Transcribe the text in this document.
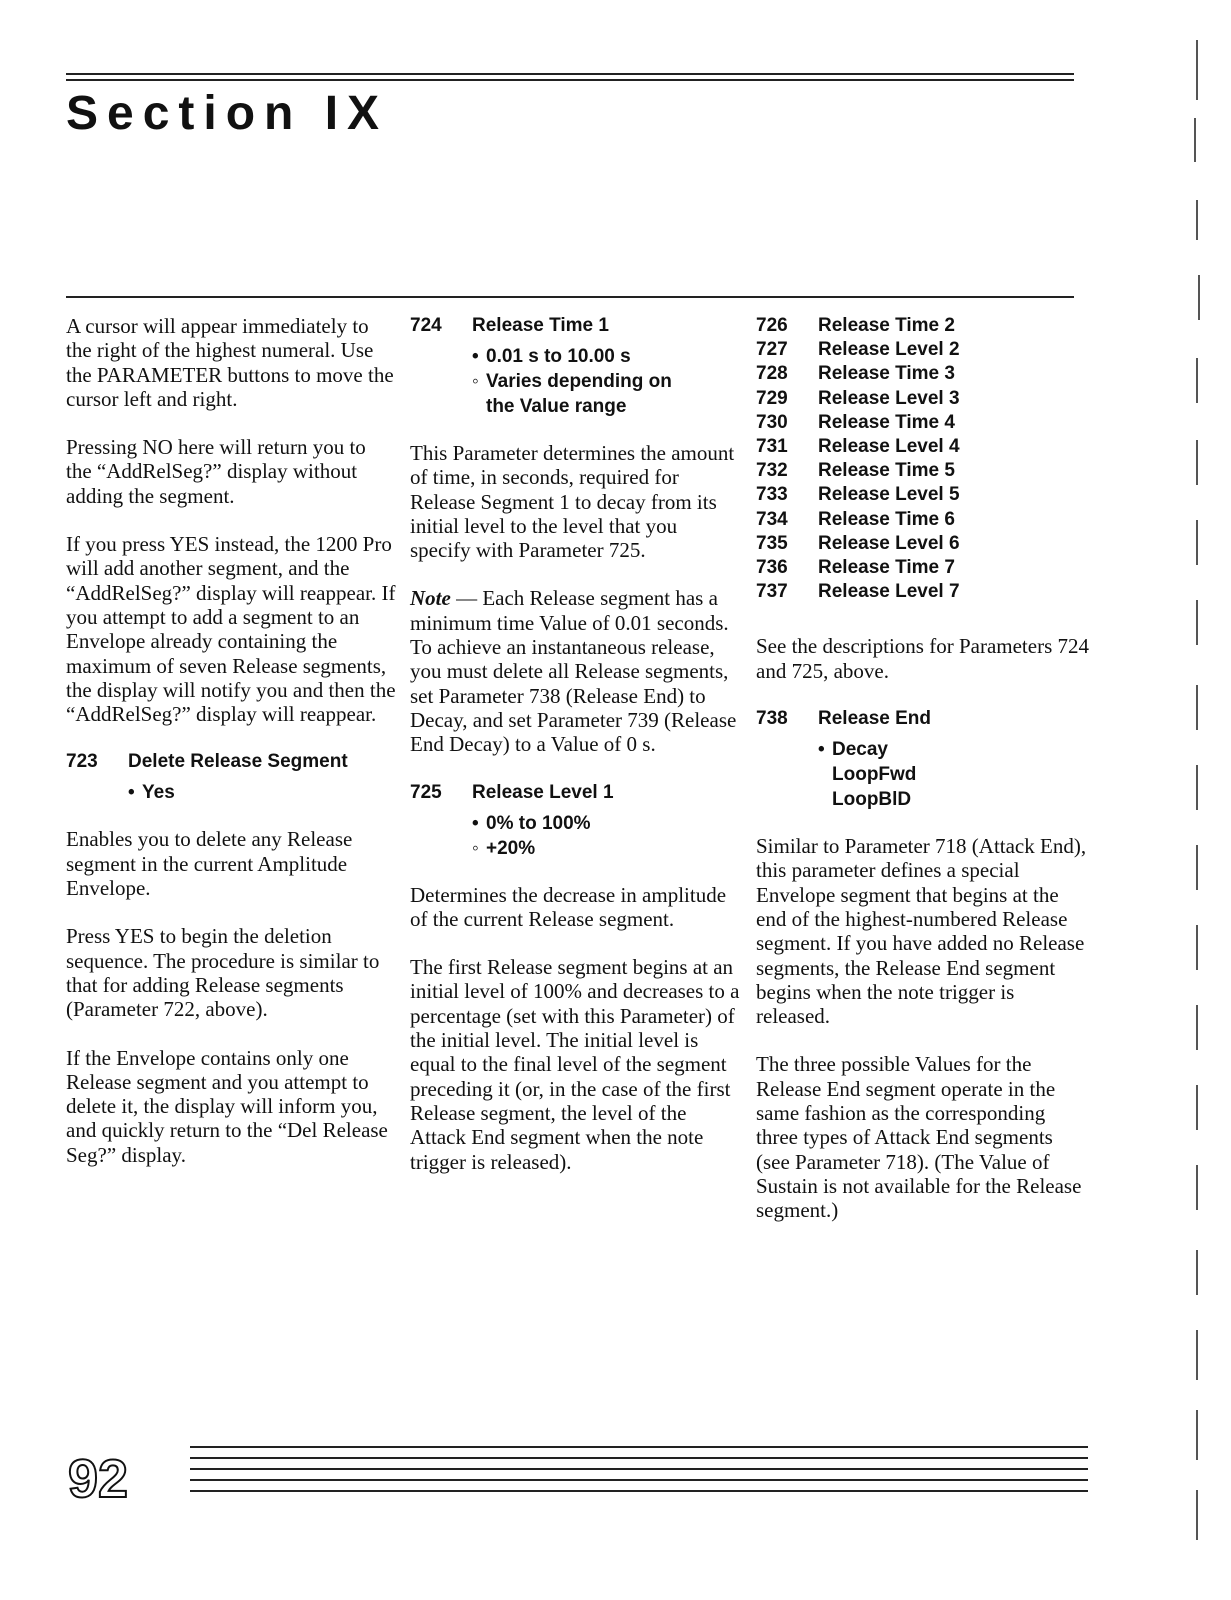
Section IX

A cursor will appear immediately to the right of the highest numeral. Use the PARAMETER buttons to move the cursor left and right.

Pressing NO here will return you to the “AddRelSeg?” display without adding the segment.

If you press YES instead, the 1200 Pro will add another segment, and the “AddRelSeg?” display will reappear. If you attempt to add a segment to an Envelope already containing the maximum of seven Release segments, the display will notify you and then the “AddRelSeg?” display will reappear.

723	Delete Release Segment
• Yes

Enables you to delete any Release segment in the current Amplitude Envelope.

Press YES to begin the deletion sequence. The procedure is similar to that for adding Release segments (Parameter 722, above).

If the Envelope contains only one Release segment and you attempt to delete it, the display will inform you, and quickly return to the “Del Release Seg?” display.

724	Release Time 1
• 0.01 s to 10.00 s
◦ Varies depending on
the Value range

This Parameter determines the amount of time, in seconds, required for Release Segment 1 to decay from its initial level to the level that you specify with Parameter 725.

Note — Each Release segment has a minimum time Value of 0.01 seconds. To achieve an instantaneous release, you must delete all Release segments, set Parameter 738 (Release End) to Decay, and set Parameter 739 (Release End Decay) to a Value of 0 s.

725	Release Level 1
• 0% to 100%
◦ +20%

Determines the decrease in amplitude of the current Release segment.

The first Release segment begins at an initial level of 100% and decreases to a percentage (set with this Parameter) of the initial level. The initial level is equal to the final level of the segment preceding it (or, in the case of the first Release segment, the level of the Attack End segment when the note trigger is released).

726	Release Time 2
727	Release Level 2
728	Release Time 3
729	Release Level 3
730	Release Time 4
731	Release Level 4
732	Release Time 5
733	Release Level 5
734	Release Time 6
735	Release Level 6
736	Release Time 7
737	Release Level 7

See the descriptions for Parameters 724 and 725, above.

738	Release End
• Decay
LoopFwd
LoopBlD

Similar to Parameter 718 (Attack End), this parameter defines a special Envelope segment that begins at the end of the highest-numbered Release segment. If you have added no Release segments, the Release End segment begins when the note trigger is released.

The three possible Values for the Release End segment operate in the same fashion as the corresponding three types of Attack End segments (see Parameter 718). (The Value of Sustain is not available for the Release segment.)

92
